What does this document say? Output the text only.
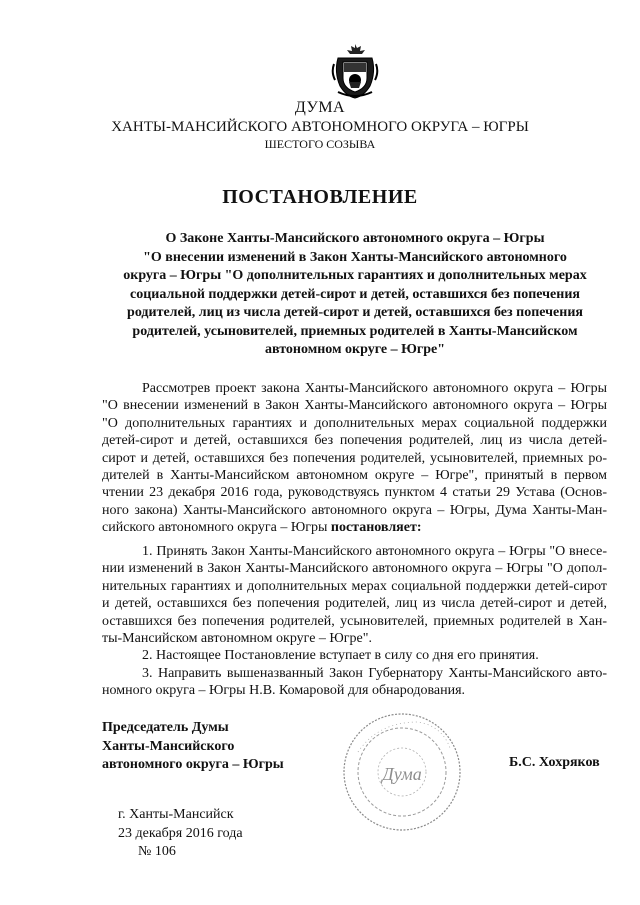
ДУМА
ХАНТЫ-МАНСИЙСКОГО АВТОНОМНОГО ОКРУГА – ЮГРЫ
ШЕСТОГО СОЗЫВА
ПОСТАНОВЛЕНИЕ
О Законе Ханты-Мансийского автономного округа – Югры
"О внесении изменений в Закон Ханты-Мансийского автономного
округа – Югры "О дополнительных гарантиях и дополнительных мерах
социальной поддержки детей-сирот и детей, оставшихся без попечения
родителей, лиц из числа детей-сирот и детей, оставшихся без попечения
родителей, усыновителей, приемных родителей в Ханты-Мансийском
автономном округе – Югре"
Рассмотрев проект закона Ханты-Мансийского автономного округа – Югры
"О внесении изменений в Закон Ханты-Мансийского автономного округа – Югры
"О дополнительных гарантиях и дополнительных мерах социальной поддержки
детей-сирот и детей, оставшихся без попечения родителей, лиц из числа детей-
сирот и детей, оставшихся без попечения родителей, усыновителей, приемных ро-
дителей в Ханты-Мансийском автономном округе – Югре", принятый в первом
чтении 23 декабря 2016 года, руководствуясь пунктом 4 статьи 29 Устава (Основ-
ного закона) Ханты-Мансийского автономного округа – Югры, Дума Ханты-Ман-
сийского автономного округа – Югры постановляет:
1. Принять Закон Ханты-Мансийского автономного округа – Югры "О внесе-
нии изменений в Закон Ханты-Мансийского автономного округа – Югры "О допол-
нительных гарантиях и дополнительных мерах социальной поддержки детей-сирот
и детей, оставшихся без попечения родителей, лиц из числа детей-сирот и детей,
оставшихся без попечения родителей, усыновителей, приемных родителей в Хан-
ты-Мансийском автономном округе – Югре".
2. Настоящее Постановление вступает в силу со дня его принятия.
3. Направить вышеназванный Закон Губернатору Ханты-Мансийского авто-
номного округа – Югры Н.В. Комаровой для обнародования.
Председатель Думы
Ханты-Мансийского
автономного округа – Югры	Дума
Б.С. Хохряков
г. Ханты-Мансийск
23 декабря 2016 года
№ 106
